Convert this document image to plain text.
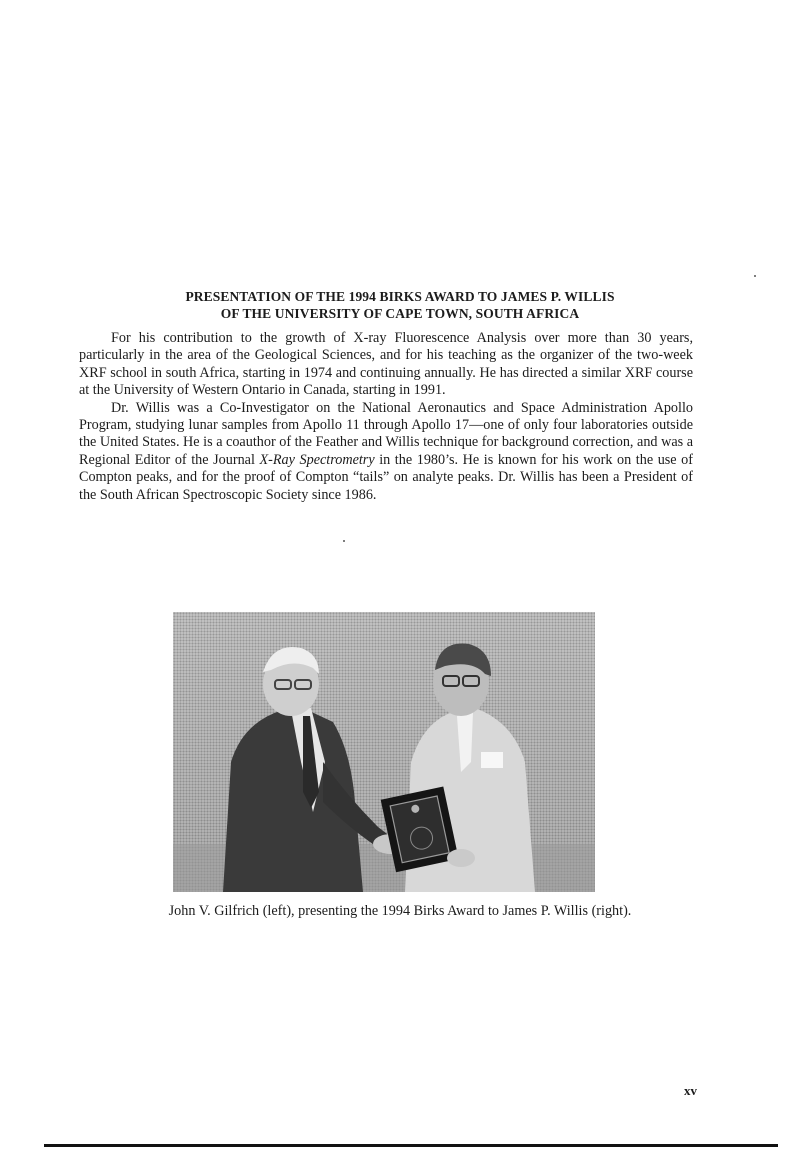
PRESENTATION OF THE 1994 BIRKS AWARD TO JAMES P. WILLIS
OF THE UNIVERSITY OF CAPE TOWN, SOUTH AFRICA

For his contribution to the growth of X-ray Fluorescence Analysis over more than 30 years, particularly in the area of the Geological Sciences, and for his teaching as the organizer of the two-week XRF school in south Africa, starting in 1974 and continuing annually. He has directed a similar XRF course at the University of Western Ontario in Canada, starting in 1991.

Dr. Willis was a Co-Investigator on the National Aeronautics and Space Administration Apollo Program, studying lunar samples from Apollo 11 through Apollo 17—one of only four laboratories outside the United States. He is a coauthor of the Feather and Willis technique for background correction, and was a Regional Editor of the Journal X-Ray Spectrometry in the 1980’s. He is known for his work on the use of Compton peaks, and for the proof of Compton “tails” on analyte peaks. Dr. Willis has been a President of the South African Spectroscopic Society since 1986.

John V. Gilfrich (left), presenting the 1994 Birks Award to James P. Willis (right).
xv
